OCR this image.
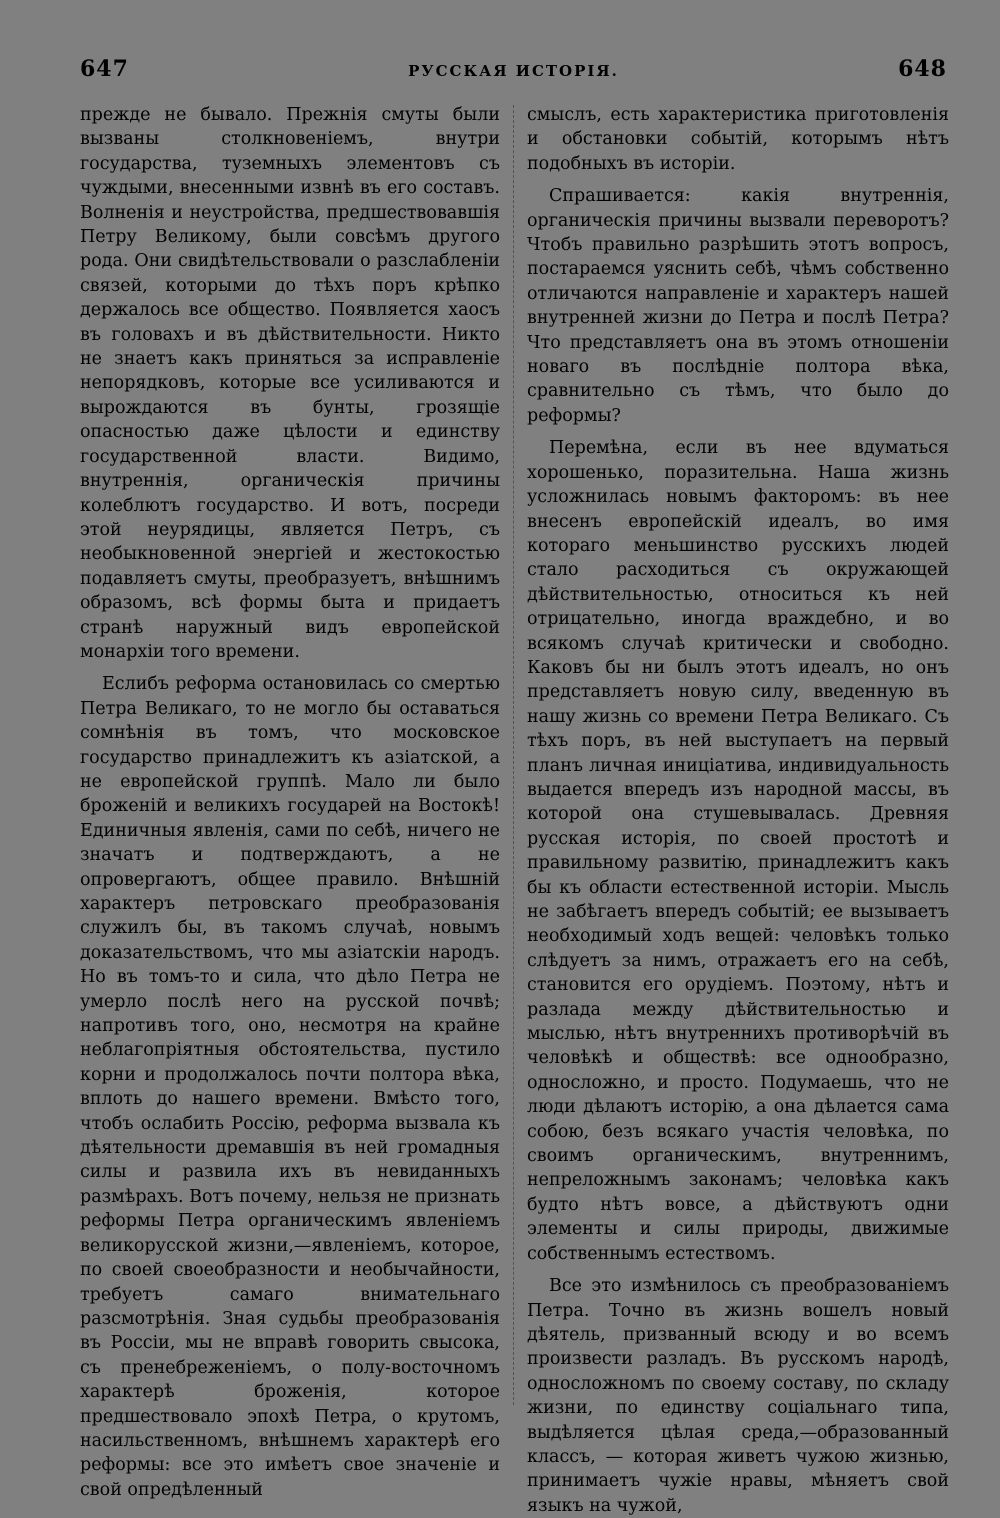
647	РУССКАЯ ИСТОРІЯ.	648

прежде не бывало. Прежнія смуты были вызваны столкновеніемъ, внутри государства, туземныхъ элементовъ съ чуждыми, внесенными извнѣ въ его составъ. Волненія и неустройства, предшествовавшія Петру Великому, были совсѣмъ другого рода. Они свидѣтельствовали о разслабленіи связей, которыми до тѣхъ поръ крѣпко держалось все общество. Появляется хаосъ въ головахъ и въ дѣйствительности. Никто не знаетъ какъ приняться за исправленіе непорядковъ, которые все усиливаются и вырождаются въ бунты, грозящіе опасностью даже цѣлости и единству государственной власти. Видимо, внутреннія, органическія причины колеблютъ государство. И вотъ, посреди этой неурядицы, является Петръ, съ необыкновенной энергіей и жестокостью подавляетъ смуты, преобразуетъ, внѣшнимъ образомъ, всѣ формы быта и придаетъ странѣ наружный видъ европейской монархіи того времени.

Еслибъ реформа остановилась со смертью Петра Великаго, то не могло бы оставаться сомнѣнія въ томъ, что московское государство принадлежитъ къ азіатской, а не европейской группѣ. Мало ли было броженій и великихъ государей на Востокѣ! Единичныя явленія, сами по себѣ, ничего не значатъ и подтверждаютъ, а не опровергаютъ, общее правило. Внѣшній характеръ петровскаго преобразованія служилъ бы, въ такомъ случаѣ, новымъ доказательствомъ, что мы азіатскіи народъ. Но въ томъ-то и сила, что дѣло Петра не умерло послѣ него на русской почвѣ; напротивъ того, оно, несмотря на крайне неблагопріятныя обстоятельства, пустило корни и продолжалось почти полтора вѣка, вплоть до нашего времени. Вмѣсто того, чтобъ ослабить Россію, реформа вызвала къ дѣятельности дремавшія въ ней громадныя силы и развила ихъ въ невиданныхъ размѣрахъ. Вотъ почему, нельзя не признать реформы Петра органическимъ явленіемъ великорусской жизни,—явленіемъ, которое, по своей своеобразности и необычайности, требуетъ самаго внимательнаго разсмотрѣнія. Зная судьбы преобразованія въ Россіи, мы не вправѣ говорить свысока, съ пренебреженіемъ, о полу-восточномъ характерѣ броженія, которое предшествовало эпохѣ Петра, о крутомъ, насильственномъ, внѣшнемъ характерѣ его реформы: все это имѣетъ свое значеніе и свой опредѣленный

смыслъ, есть характеристика приготовленія и обстановки событій, которымъ нѣтъ подобныхъ въ исторіи.

Спрашивается: какія внутреннія, органическія причины вызвали переворотъ? Чтобъ правильно разрѣшить этотъ вопросъ, постараемся уяснить себѣ, чѣмъ собственно отличаются направленіе и характеръ нашей внутренней жизни до Петра и послѣ Петра? Что представляетъ она въ этомъ отношеніи новаго въ послѣдніе полтора вѣка, сравнительно съ тѣмъ, что было до реформы?

Перемѣна, если въ нее вдуматься хорошенько, поразительна. Наша жизнь усложнилась новымъ факторомъ: въ нее внесенъ европейскій идеалъ, во имя котораго меньшинство русскихъ людей стало расходиться съ окружающей дѣйствительностью, относиться къ ней отрицательно, иногда враждебно, и во всякомъ случаѣ критически и свободно. Каковъ бы ни былъ этотъ идеалъ, но онъ представляетъ новую силу, введенную въ нашу жизнь со времени Петра Великаго. Съ тѣхъ поръ, въ ней выступаетъ на первый планъ личная иниціатива, индивидуальность выдается впередъ изъ народной массы, въ которой она стушевывалась. Древняя русская исторія, по своей простотѣ и правильному развитію, принадлежитъ какъ бы къ области естественной исторіи. Мысль не забѣгаетъ впередъ событій; ее вызываетъ необходимый ходъ вещей: человѣкъ только слѣдуетъ за нимъ, отражаетъ его на себѣ, становится его орудіемъ. Поэтому, нѣтъ и разлада между дѣйствительностью и мыслью, нѣтъ внутреннихъ противорѣчій въ человѣкѣ и обществѣ: все однообразно, односложно, и просто. Подумаешь, что не люди дѣлаютъ исторію, а она дѣлается сама собою, безъ всякаго участія человѣка, по своимъ органическимъ, внутреннимъ, непреложнымъ законамъ; человѣка какъ будто нѣтъ вовсе, а дѣйствуютъ одни элементы и силы природы, движимые собственнымъ естествомъ.

Все это измѣнилось съ преобразованіемъ Петра. Точно въ жизнь вошелъ новый дѣятель, призванный всюду и во всемъ произвести разладъ. Въ русскомъ народѣ, односложномъ по своему составу, по складу жизни, по единству соціальнаго типа, выдѣляется цѣлая среда,—образованный классъ, — которая живетъ чужою жизнью, принимаетъ чужіе нравы, мѣняетъ свой языкъ на чужой,
